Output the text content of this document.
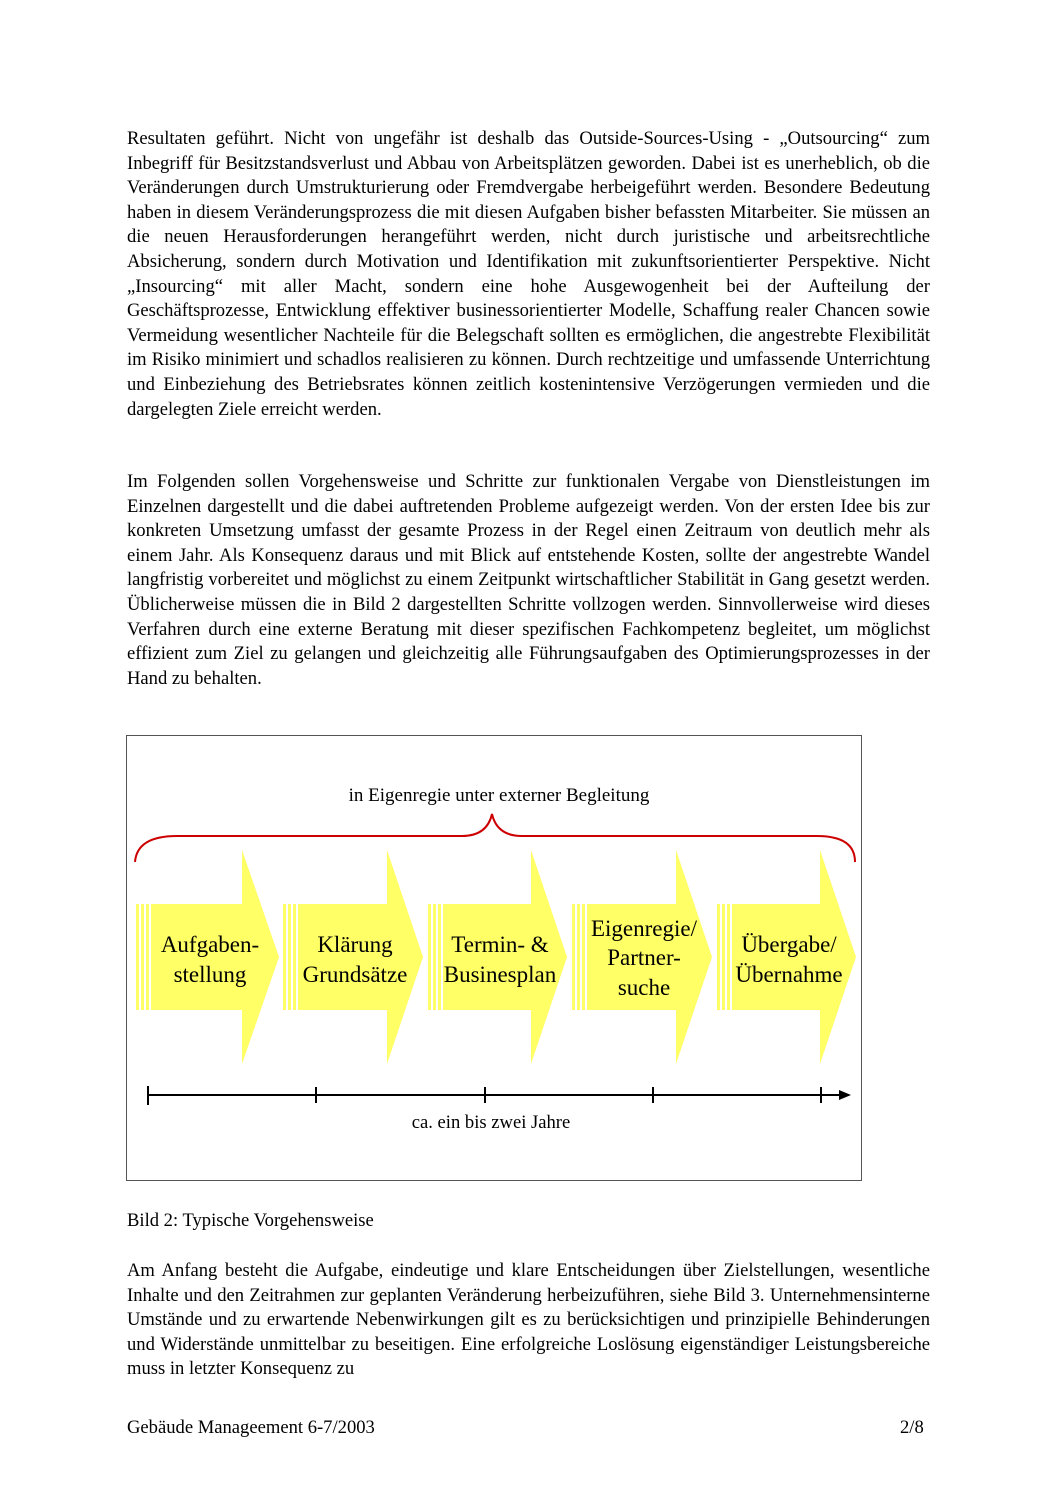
Resultaten geführt. Nicht von ungefähr ist deshalb das Outside-Sources-Using - „Outsourcing“ zum Inbegriff für Besitzstandsverlust und Abbau von Arbeitsplätzen geworden. Dabei ist es unerheblich, ob die Veränderungen durch Umstrukturierung oder Fremdvergabe herbeigeführt werden. Besondere Bedeutung haben in diesem Veränderungsprozess die mit diesen Aufgaben bisher befassten Mitarbeiter. Sie müssen an die neuen Herausforderungen herangeführt werden, nicht durch juristische und arbeitsrechtliche Absicherung, sondern durch Motivation und Identifikation mit zukunftsorientierter Perspektive. Nicht „Insourcing“ mit aller Macht, sondern eine hohe Ausgewogenheit bei der Aufteilung der Geschäftsprozesse, Entwicklung effektiver businessorientierter Modelle, Schaffung realer Chancen sowie Vermeidung wesentlicher Nachteile für die Belegschaft sollten es ermöglichen, die angestrebte Flexibilität im Risiko minimiert und schadlos realisieren zu können. Durch rechtzeitige und umfassende Unterrichtung und Einbeziehung des Betriebsrates können zeitlich kostenintensive Verzögerungen vermieden und die dargelegten Ziele erreicht werden.

Im Folgenden sollen Vorgehensweise und Schritte zur funktionalen Vergabe von Dienstleistungen im Einzelnen dargestellt und die dabei auftretenden Probleme aufgezeigt werden. Von der ersten Idee bis zur konkreten Umsetzung umfasst der gesamte Prozess in der Regel einen Zeitraum von deutlich mehr als einem Jahr. Als Konsequenz daraus und mit Blick auf entstehende Kosten, sollte der angestrebte Wandel langfristig vorbereitet und möglichst zu einem Zeitpunkt wirtschaftlicher Stabilität in Gang gesetzt werden. Üblicherweise müssen die in Bild 2 dargestellten Schritte vollzogen werden. Sinnvollerweise wird dieses Verfahren durch eine externe Beratung mit dieser spezifischen Fachkompetenz begleitet, um möglichst effizient zum Ziel zu gelangen und gleichzeitig alle Führungsaufgaben des Optimierungsprozesses in der Hand zu behalten.

in Eigenregie unter externer Begleitung
Aufgaben-
stellung
Klärung
Grundsätze
Termin- &
Businesplan
Eigenregie/
Partner-
suche
Übergabe/
Übernahme
ca. ein bis zwei Jahre

Bild 2: Typische Vorgehensweise

Am Anfang besteht die Aufgabe, eindeutige und klare Entscheidungen über Zielstellungen, wesentliche Inhalte und den Zeitrahmen zur geplanten Veränderung herbeizuführen, siehe Bild 3. Unternehmensinterne Umstände und zu erwartende Nebenwirkungen gilt es zu berücksichtigen und prinzipielle Behinderungen und Widerstände unmittelbar zu beseitigen. Eine erfolgreiche Loslösung eigenständiger Leistungsbereiche muss in letzter Konsequenz zu

Gebäude Manageement 6-7/2003	2/8
